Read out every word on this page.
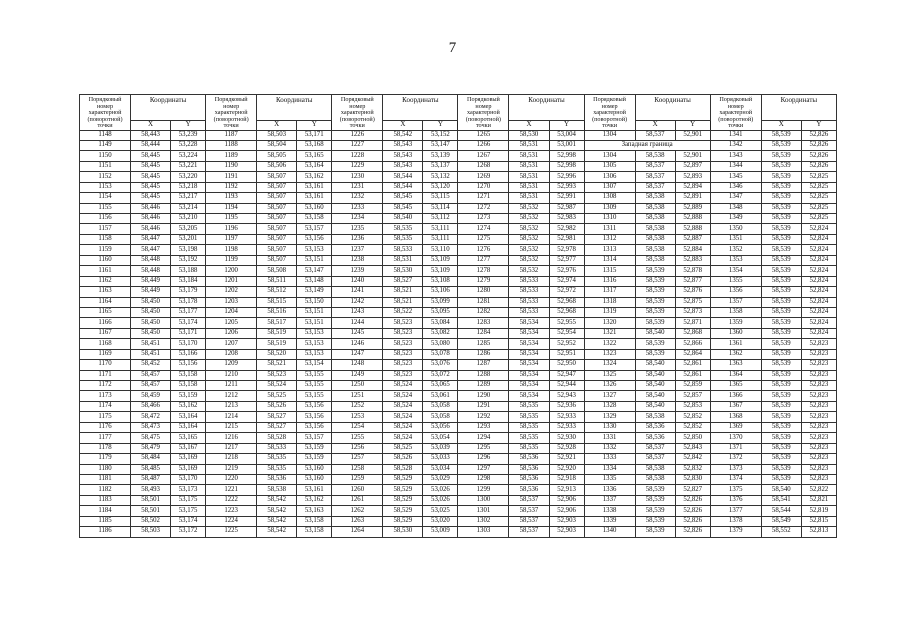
7
Порядковый номер характерной (поворотной) точки	Координаты		Порядковый номер характерной (поворотной) точки	Координаты		Порядковый номер характерной (поворотной) точки	Координаты		Порядковый номер характерной (поворотной) точки	Координаты		Порядковый номер характерной (поворотной) точки	Координаты		Порядковый номер характерной (поворотной) точки	Координаты	
	X	Y		X	Y		X	Y		X	Y		X	Y		X	Y
1148	58,443	53,239	1187	58,503	53,171	1226	58,542	53,152	1265	58,530	53,004	1304	58,537	52,901	1341	58,539	52,826
1149	58,444	53,228	1188	58,504	53,168	1227	58,543	53,147	1266	58,531	53,001	Западная граница			1342	58,539	52,826
1150	58,445	53,224	1189	58,505	53,165	1228	58,543	53,139	1267	58,531	52,998	1304	58,538	52,901	1343	58,539	52,826
1151	58,445	53,221	1190	58,506	53,164	1229	58,543	53,137	1268	58,531	52,998	1305	58,537	52,897	1344	58,539	52,826
1152	58,445	53,220	1191	58,507	53,162	1230	58,544	53,132	1269	58,531	52,996	1306	58,537	52,893	1345	58,539	52,825
1153	58,445	53,218	1192	58,507	53,161	1231	58,544	53,120	1270	58,531	52,993	1307	58,537	52,894	1346	58,539	52,825
1154	58,445	53,217	1193	58,507	53,161	1232	58,545	53,115	1271	58,531	52,991	1308	58,538	52,891	1347	58,539	52,825
1155	58,446	53,214	1194	58,507	53,160	1233	58,545	53,114	1272	58,532	52,987	1309	58,538	52,889	1348	58,539	52,825
1156	58,446	53,210	1195	58,507	53,158	1234	58,540	53,112	1273	58,532	52,983	1310	58,538	52,888	1349	58,539	52,825
1157	58,446	53,205	1196	58,507	53,157	1235	58,535	53,111	1274	58,532	52,982	1311	58,538	52,888	1350	58,539	52,824
1158	58,447	53,201	1197	58,507	53,156	1236	58,535	53,111	1275	58,532	52,981	1312	58,538	52,887	1351	58,539	52,824
1159	58,447	53,198	1198	58,507	53,153	1237	58,533	53,110	1276	58,532	52,978	1313	58,538	52,884	1352	58,539	52,824
1160	58,448	53,192	1199	58,507	53,151	1238	58,531	53,109	1277	58,532	52,977	1314	58,538	52,883	1353	58,539	52,824
1161	58,448	53,188	1200	58,508	53,147	1239	58,530	53,109	1278	58,532	52,976	1315	58,539	52,878	1354	58,539	52,824
1162	58,449	53,184	1201	58,511	53,148	1240	58,527	53,108	1279	58,533	52,974	1316	58,539	52,877	1355	58,539	52,824
1163	58,449	53,179	1202	58,512	53,149	1241	58,521	53,106	1280	58,533	52,972	1317	58,539	52,876	1356	58,539	52,824
1164	58,450	53,178	1203	58,515	53,150	1242	58,521	53,099	1281	58,533	52,968	1318	58,539	52,875	1357	58,539	52,824
1165	58,450	53,177	1204	58,516	53,151	1243	58,522	53,095	1282	58,533	52,968	1319	58,539	52,873	1358	58,539	52,824
1166	58,450	53,174	1205	58,517	53,151	1244	58,523	53,084	1283	58,534	52,955	1320	58,539	52,871	1359	58,539	52,824
1167	58,450	53,171	1206	58,519	53,153	1245	58,523	53,082	1284	58,534	52,954	1321	58,540	52,868	1360	58,539	52,824
1168	58,451	53,170	1207	58,519	53,153	1246	58,523	53,080	1285	58,534	52,952	1322	58,539	52,866	1361	58,539	52,823
1169	58,451	53,166	1208	58,520	53,153	1247	58,523	53,078	1286	58,534	52,951	1323	58,539	52,864	1362	58,539	52,823
1170	58,452	53,156	1209	58,521	53,154	1248	58,523	53,076	1287	58,534	52,950	1324	58,540	52,861	1363	58,539	52,823
1171	58,457	53,158	1210	58,523	53,155	1249	58,523	53,072	1288	58,534	52,947	1325	58,540	52,861	1364	58,539	52,823
1172	58,457	53,158	1211	58,524	53,155	1250	58,524	53,065	1289	58,534	52,944	1326	58,540	52,859	1365	58,539	52,823
1173	58,459	53,159	1212	58,525	53,155	1251	58,524	53,061	1290	58,534	52,943	1327	58,540	52,857	1366	58,539	52,823
1174	58,466	53,162	1213	58,526	53,156	1252	58,524	53,058	1291	58,535	52,936	1328	58,540	52,853	1367	58,539	52,823
1175	58,472	53,164	1214	58,527	53,156	1253	58,524	53,058	1292	58,535	52,933	1329	58,538	52,852	1368	58,539	52,823
1176	58,473	53,164	1215	58,527	53,156	1254	58,524	53,056	1293	58,535	52,933	1330	58,536	52,852	1369	58,539	52,823
1177	58,475	53,165	1216	58,528	53,157	1255	58,524	53,054	1294	58,535	52,930	1331	58,536	52,850	1370	58,539	52,823
1178	58,479	53,167	1217	58,533	53,159	1256	58,525	53,039	1295	58,535	52,928	1332	58,537	52,843	1371	58,539	52,823
1179	58,484	53,169	1218	58,535	53,159	1257	58,526	53,033	1296	58,536	52,921	1333	58,537	52,842	1372	58,539	52,823
1180	58,485	53,169	1219	58,535	53,160	1258	58,528	53,034	1297	58,536	52,920	1334	58,538	52,832	1373	58,539	52,823
1181	58,487	53,170	1220	58,536	53,160	1259	58,529	53,029	1298	58,536	52,918	1335	58,538	52,830	1374	58,539	52,823
1182	58,493	53,173	1221	58,538	53,161	1260	58,529	53,026	1299	58,536	52,913	1336	58,539	52,827	1375	58,540	52,822
1183	58,501	53,175	1222	58,542	53,162	1261	58,529	53,026	1300	58,537	52,906	1337	58,539	52,826	1376	58,541	52,821
1184	58,501	53,175	1223	58,542	53,163	1262	58,529	53,025	1301	58,537	52,906	1338	58,539	52,826	1377	58,544	52,819
1185	58,502	53,174	1224	58,542	53,158	1263	58,529	53,020	1302	58,537	52,903	1339	58,539	52,826	1378	58,549	52,815
1186	58,503	53,172	1225	58,542	53,158	1264	58,530	53,009	1303	58,537	52,903	1340	58,539	52,826	1379	58,552	52,813
